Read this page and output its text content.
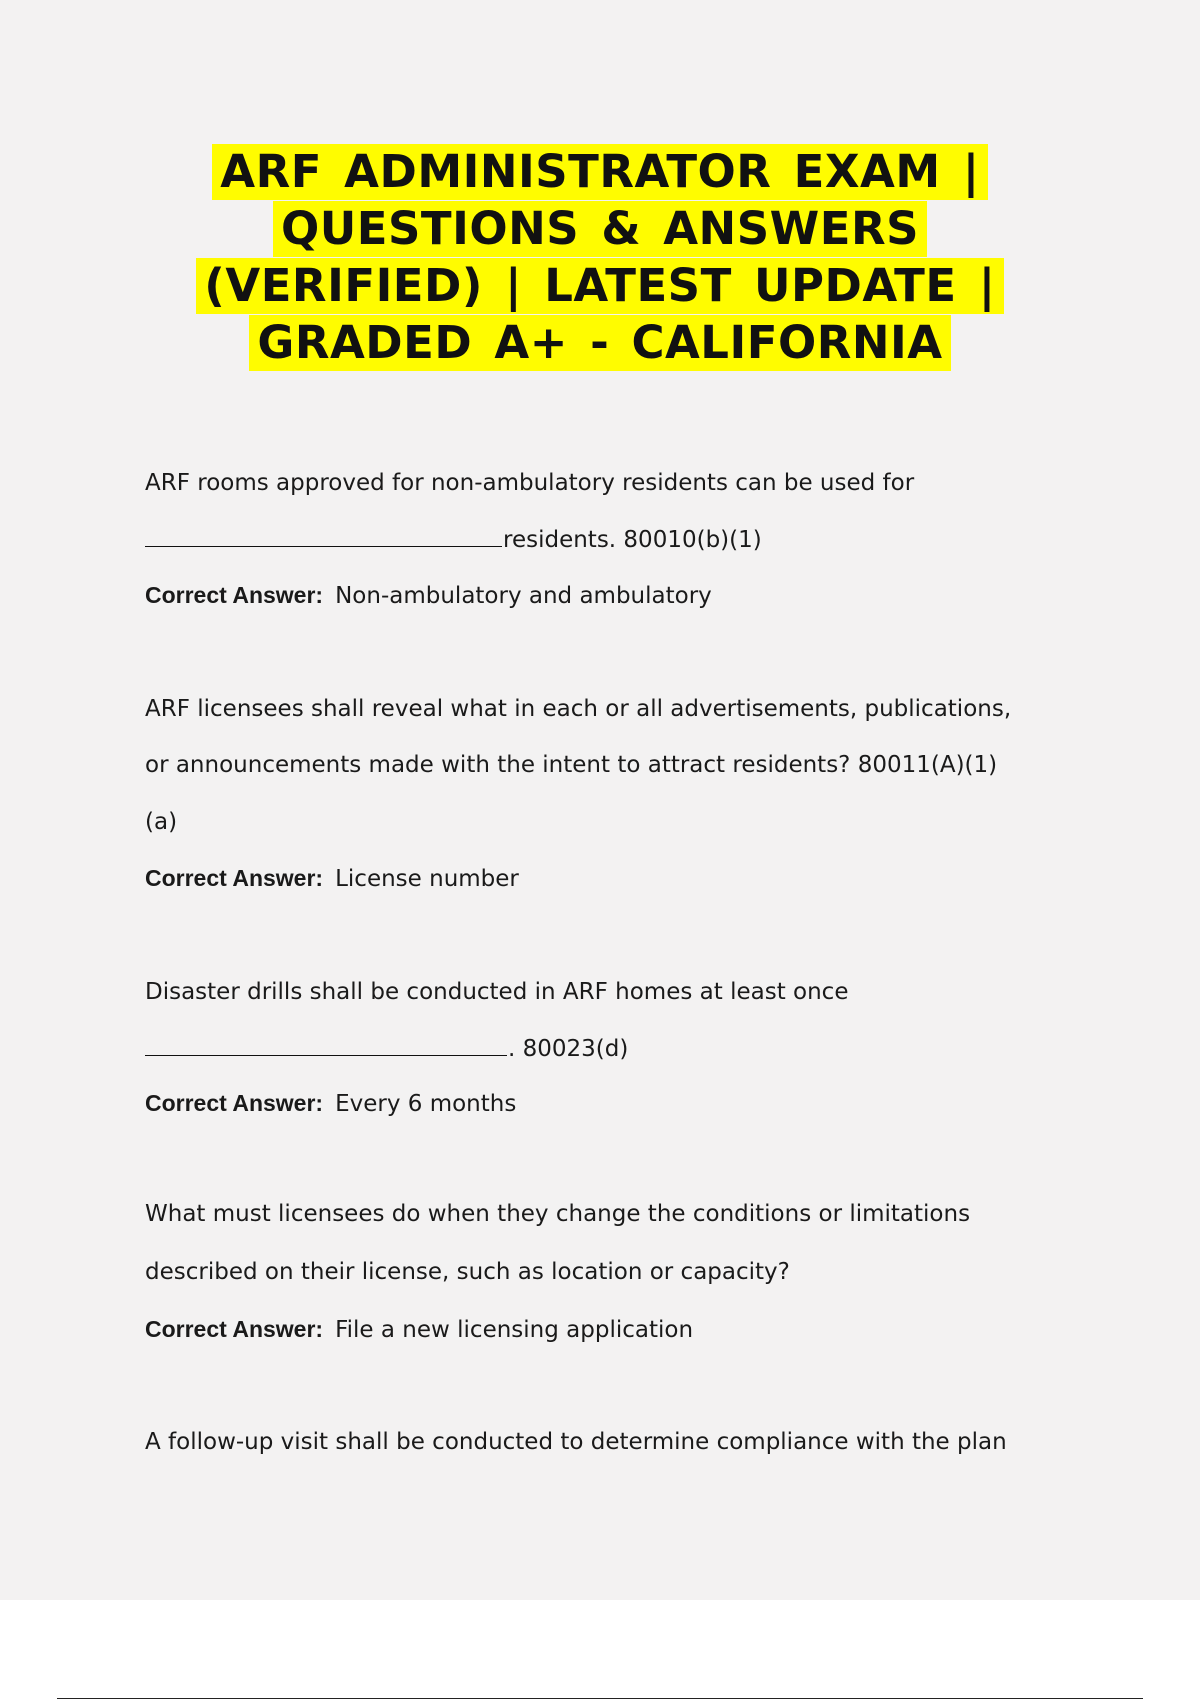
ARF ADMINISTRATOR EXAM |
QUESTIONS & ANSWERS
(VERIFIED) | LATEST UPDATE |
GRADED A+ - CALIFORNIA
ARF rooms approved for non-ambulatory residents can be used for
residents. 80010(b)(1)
Correct Answer: Non-ambulatory and ambulatory
ARF licensees shall reveal what in each or all advertisements, publications,
or announcements made with the intent to attract residents? 80011(A)(1)
(a)
Correct Answer: License number
Disaster drills shall be conducted in ARF homes at least once
. 80023(d)
Correct Answer: Every 6 months
What must licensees do when they change the conditions or limitations
described on their license, such as location or capacity?
Correct Answer: File a new licensing application
A follow-up visit shall be conducted to determine compliance with the plan
